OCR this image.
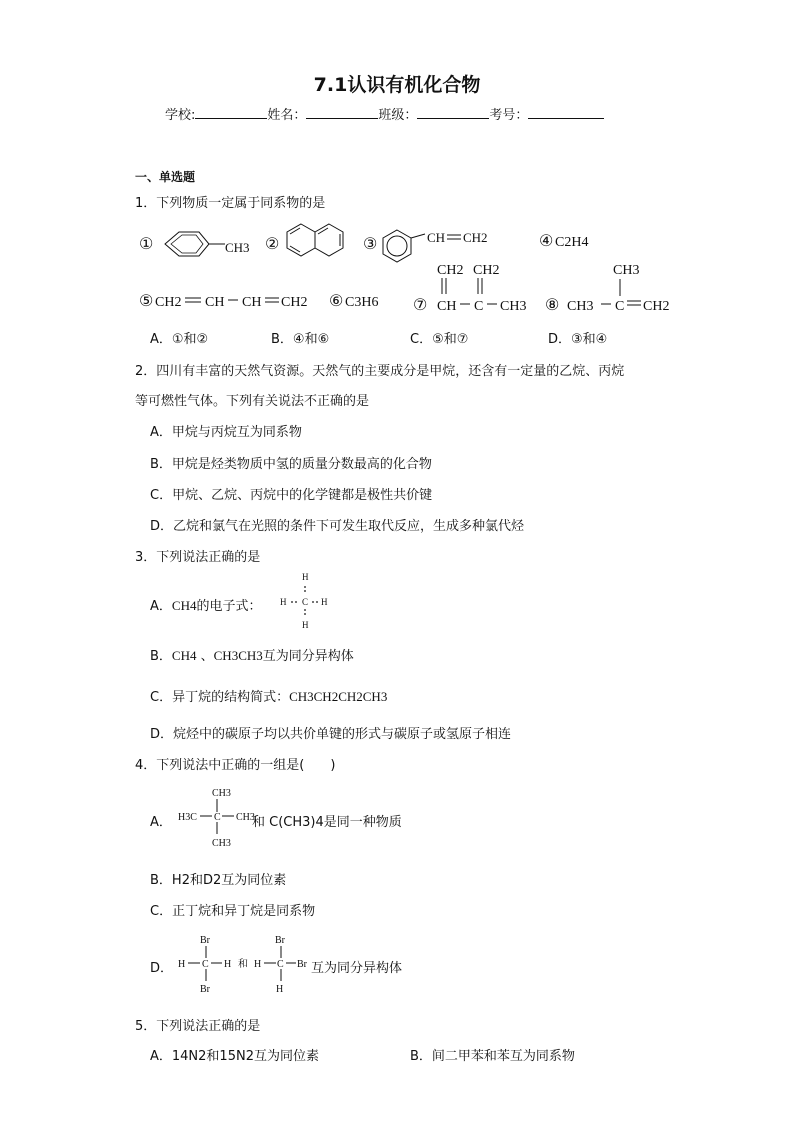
7.1认识有机化合物
学校:	姓名：	班级：	考号：
一、单选题
1．下列物质一定属于同系物的是
①	CH3 ②	③	CH CH2	④ C2H4
⑤ CH2 CH CH CH2 ⑥ C3H6 ⑦
CH2 CH2
CH C CH3 ⑧
CH3
CH3 C CH2
A．①和②	B．④和⑥	C．⑤和⑦	D．③和④
2．四川有丰富的天然气资源。天然气的主要成分是甲烷，还含有一定量的乙烷、丙烷
等可燃性气体。下列有关说法不正确的是
A．甲烷与丙烷互为同系物
B．甲烷是烃类物质中氢的质量分数最高的化合物
C．甲烷、乙烷、丙烷中的化学键都是极性共价键
D．乙烷和氯气在光照的条件下可发生取代反应，生成多种氯代烃
3．下列说法正确的是
A．CH4的电子式：
H
H
H	H
C
B．CH4 、CH3CH3互为同分异构体
C．异丁烷的结构简式：CH3CH2CH2CH3
D．烷烃中的碳原子均以共价单键的形式与碳原子或氢原子相连
4．下列说法中正确的一组是(　　)
A．
CH3
H3C C CH3
CH3
和 C(CH3)4是同一种物质
B．H2和D2互为同位素
C．正丁烷和异丁烷是同系物
D．
Br
H C H
Br
和
Br
H C Br
H
互为同分异构体
5．下列说法正确的是
A．14N2和15N2互为同位素	B．间二甲苯和苯互为同系物
